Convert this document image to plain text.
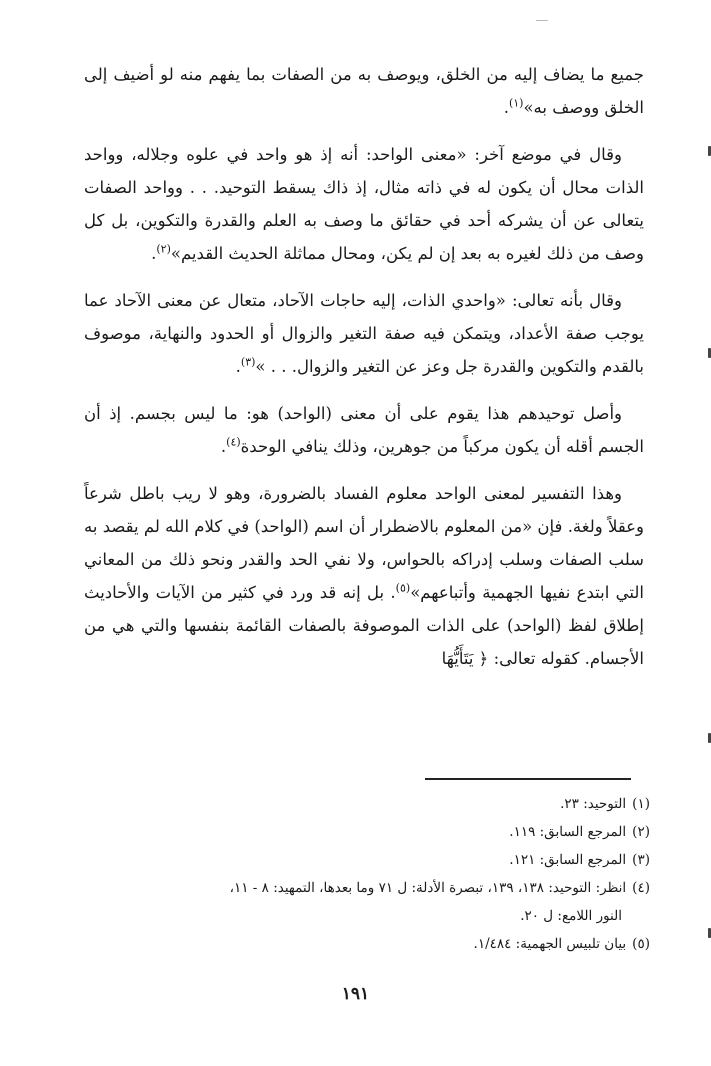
جميع ما يضاف إليه من الخلق، ويوصف به من الصفات بما يفهم منه لو أضيف إلى الخلق ووصف به»$^{(١)}$.

وقال في موضع آخر: «معنى الواحد: أنه إذ هو واحد في علوه وجلاله، وواحد الذات محال أن يكون له في ذاته مثال، إذ ذاك يسقط التوحيد. . . وواحد الصفات يتعالى عن أن يشركه أحد في حقائق ما وصف به العلم والقدرة والتكوين، بل كل وصف من ذلك لغيره به بعد إن لم يكن، ومحال مماثلة الحديث القديم»$^{(٢)}$.

وقال بأنه تعالى: «واحدي الذات، إليه حاجات الآحاد، متعال عن معنى الآحاد عما يوجب صفة الأعداد، ويتمكن فيه صفة التغير والزوال أو الحدود والنهاية، موصوف بالقدم والتكوين والقدرة جل وعز عن التغير والزوال. . . »$^{(٣)}$.

وأصل توحيدهم هذا يقوم على أن معنى (الواحد) هو: ما ليس بجسم. إذ أن الجسم أقله أن يكون مركباً من جوهرين، وذلك ينافي الوحدة$^{(٤)}$.

وهذا التفسير لمعنى الواحد معلوم الفساد بالضرورة، وهو لا ريب باطل شرعاً وعقلاً ولغة. فإن «من المعلوم بالاضطرار أن اسم (الواحد) في كلام الله لم يقصد به سلب الصفات وسلب إدراكه بالحواس، ولا نفي الحد والقدر ونحو ذلك من المعاني التي ابتدع نفيها الجهمية وأتباعهم»$^{(٥)}$. بل إنه قد ورد في كثير من الآيات والأحاديث إطلاق لفظ (الواحد) على الذات الموصوفة بالصفات القائمة بنفسها والتي هي من الأجسام. كقوله تعالى: ﴿ يَتَأَيُّهَا

(١)التوحيد: ٢٣.
(٢)المرجع السابق: ١١٩.
(٣)المرجع السابق: ١٢١.
(٤)انظر: التوحيد: ١٣٨، ١٣٩، تبصرة الأدلة: ل ٧١ وما بعدها، التمهيد: ٨ - ١١،
النور اللامع: ل ٢٠.
(٥)بيان تلبيس الجهمية: ١/٤٨٤.
١٩١
